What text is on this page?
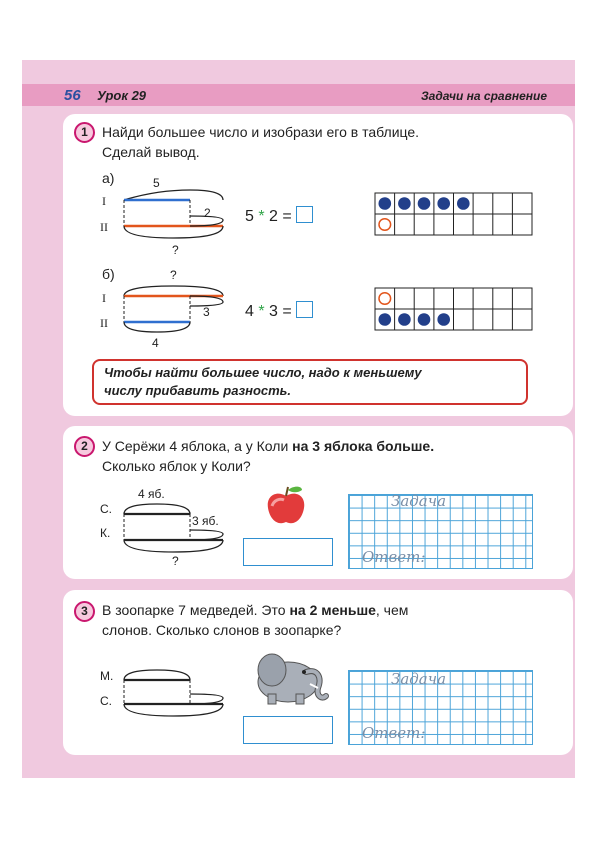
56 Урок 29	Задачи на сравнение
1	Найди большее число и изобрази его в таблице.
Сделай вывод.
а)	5
I
II
2
?
5 * 2 =
б)	?
I
II
3
4
4 * 3 =
Чтобы найти большее число, надо к меньшему
числу прибавить разность.
2	У Серёжи 4 яблока, а у Коли на 3 яблока больше.
Сколько яблок у Коли?
4 яб.
С.
К.
3 яб.
?
Задача
Ответ:
3	В зоопарке 7 медведей. Это на 2 меньше, чем
слонов. Сколько слонов в зоопарке?
М.
С.
Задача
Ответ:
